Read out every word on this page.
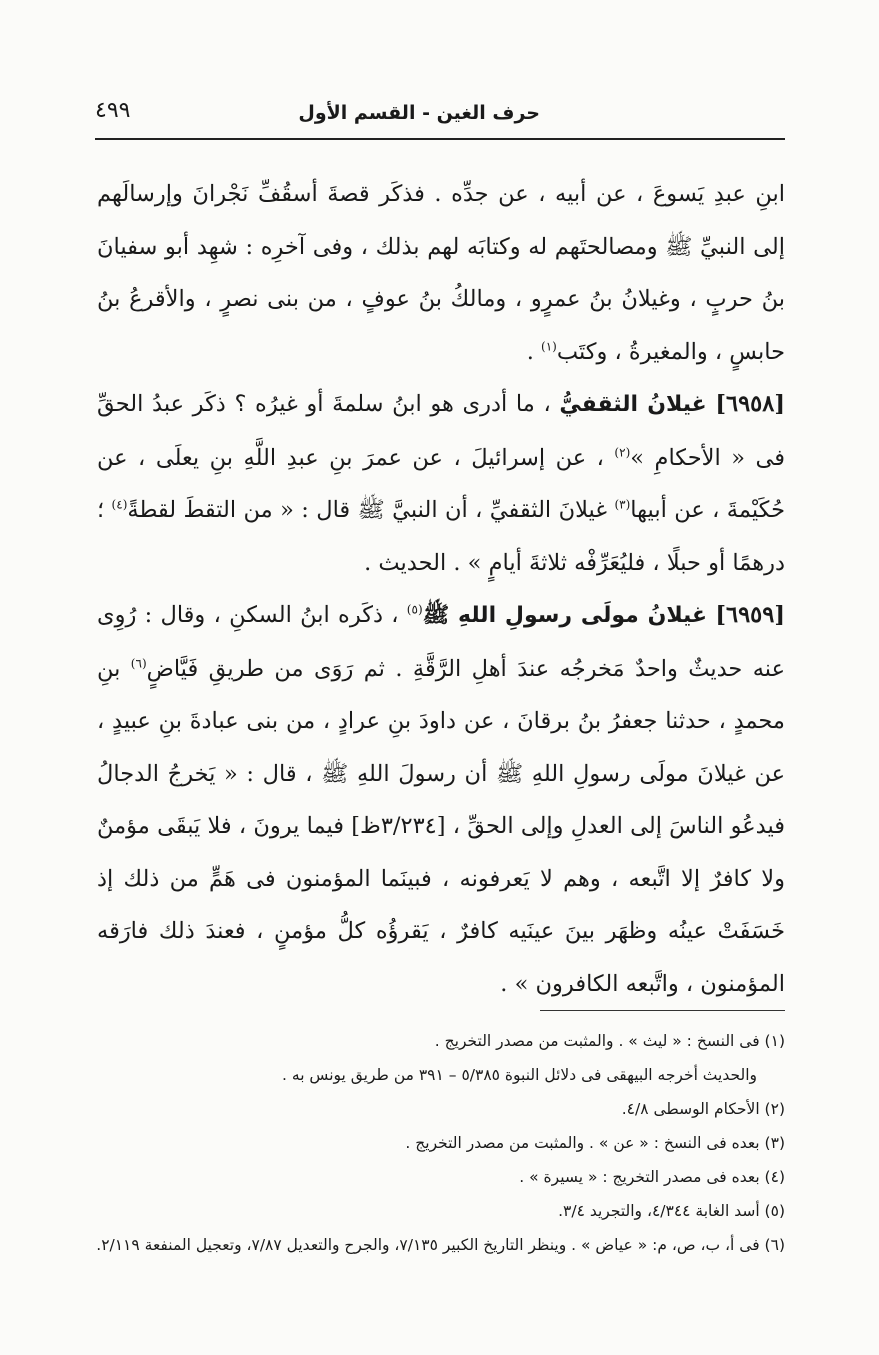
حرف الغين - القسم الأول
٤٩٩

ابنِ عبدِ يَسوعَ ، عن أبيه ، عن جدِّه . فذكَر قصةَ أسقُفِّ نَجْرانَ وإرسالَهم إلى النبيِّ ﷺ ومصالحتَهم له وكتابَه لهم بذلك ، وفى آخرِه : شهِد أبو سفيانَ بنُ حربٍ ، وغيلانُ بنُ عمرٍو ، ومالكُ بنُ عوفٍ ، من بنى نصرٍ ، والأقرعُ بنُ حابسٍ ، والمغيرةُ ، وكتَب$^{(١)}$ .

[٦٩٥٨] غيلانُ الثقفيُّ ، ما أدرى هو ابنُ سلمةَ أو غيرُه ؟ ذكَر عبدُ الحقِّ فى « الأحكامِ »$^{(٢)}$ ، عن إسرائيلَ ، عن عمرَ بنِ عبدِ اللَّهِ بنِ يعلَى ، عن حُكَيْمةَ ، عن أبيها$^{(٣)}$ غيلانَ الثقفيِّ ، أن النبيَّ ﷺ قال : « من التقطَ لقطةً$^{(٤)}$ ؛ درهمًا أو حبلًا ، فليُعَرِّفْه ثلاثةَ أيامٍ » . الحديث .

[٦٩٥٩] غيلانُ مولَى رسولِ اللهِ ﷺ$^{(٥)}$ ، ذكَره ابنُ السكنِ ، وقال : رُوِى عنه حديثٌ واحدٌ مَخرجُه عندَ أهلِ الرَّقَّةِ . ثم رَوَى من طريقِ فَيَّاضٍ$^{(٦)}$ بنِ محمدٍ ، حدثنا جعفرُ بنُ برقانَ ، عن داودَ بنِ عرادٍ ، من بنى عبادةَ بنِ عبيدٍ ، عن غيلانَ مولَى رسولِ اللهِ ﷺ أن رسولَ اللهِ ﷺ ، قال : « يَخرجُ الدجالُ فيدعُو الناسَ إلى العدلِ وإلى الحقِّ ، [٣/٢٣٤ظ] فيما يرونَ ، فلا يَبقَى مؤمنٌ ولا كافرٌ إلا اتَّبعه ، وهم لا يَعرفونه ، فبينَما المؤمنون فى هَمٍّ من ذلك إذ خَسَفَتْ عينُه وظهَر بينَ عينَيه كافرٌ ، يَقرؤُه كلُّ مؤمنٍ ، فعندَ ذلك فارَقه المؤمنون ، واتَّبعه الكافرون » .

(١) فى النسخ : « ليث » . والمثبت من مصدر التخريج .
والحديث أخرجه البيهقى فى دلائل النبوة ٥/٣٨٥ – ٣٩١ من طريق يونس به .
(٢) الأحكام الوسطى ٤/٨.
(٣) بعده فى النسخ : « عن » . والمثبت من مصدر التخريج .
(٤) بعده فى مصدر التخريج : « يسيرة » .
(٥) أسد الغابة ٤/٣٤٤، والتجريد ٣/٤.
(٦) فى أ، ب، ص، م: « عياض » . وينظر التاريخ الكبير ٧/١٣٥، والجرح والتعديل ٧/٨٧، وتعجيل المنفعة ٢/١١٩.
